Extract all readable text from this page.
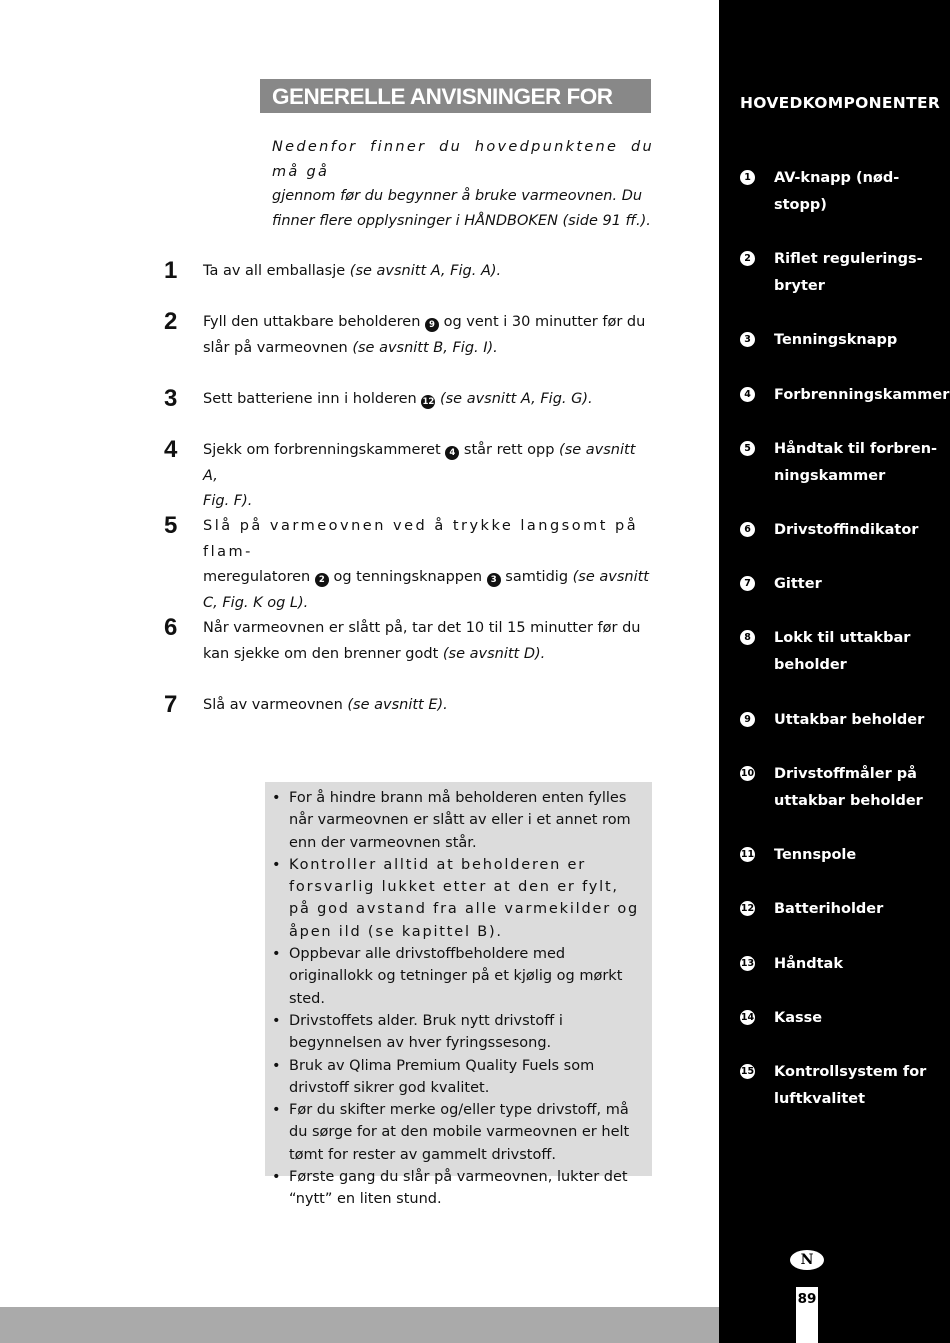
GENERELLE ANVISNINGER FOR BRUK
Nedenfor finner du hovedpunktene du må gå
gjennom før du begynner å bruke varmeovnen. Du
finner flere opplysninger i HÅNDBOKEN (side 91 ff.).
1 Ta av all emballasje (se avsnitt A, Fig. A).
2 Fyll den uttakbare beholderen 9 og vent i 30 minutter før du
slår på varmeovnen (se avsnitt B, Fig. I).
3 Sett batteriene inn i holderen 12 (se avsnitt A, Fig. G).
4 Sjekk om forbrenningskammeret 4 står rett opp (se avsnitt A,
Fig. F).
5 Slå på varmeovnen ved å trykke langsomt på flam-
meregulatoren 2 og tenningsknappen 3 samtidig (se avsnitt
C, Fig. K og L).
6 Når varmeovnen er slått på, tar det 10 til 15 minutter før du
kan sjekke om den brenner godt (se avsnitt D).
7 Slå av varmeovnen (se avsnitt E).
• For å hindre brann må beholderen enten fylles når varmeovnen er slått av eller i et annet rom enn der varmeovnen står.
• Kontroller alltid at beholderen er forsvarlig lukket etter at den er fylt, på god avstand fra alle varmekilder og åpen ild (se kapittel B).
• Oppbevar alle drivstoffbeholdere med originallokk og tetninger på et kjølig og mørkt sted.
• Drivstoffets alder. Bruk nytt drivstoff i begynnelsen av hver fyringssesong.
• Bruk av Qlima Premium Quality Fuels som drivstoff sikrer god kvalitet.
• Før du skifter merke og/eller type drivstoff, må du sørge for at den mobile varmeovnen er helt tømt for rester av gammelt drivstoff.
• Første gang du slår på varmeovnen, lukter det “nytt” en liten stund.
HOVEDKOMPONENTER
1 AV-knapp (nød-stopp)
2 Riflet regulerings-bryter
3 Tenningsknapp
4 Forbrenningskammer
5 Håndtak til forbren-ningskammer
6 Drivstoffindikator
7 Gitter
8 Lokk til uttakbar beholder
9 Uttakbar beholder
10 Drivstoffmåler på uttakbar beholder
11 Tennspole
12 Batteriholder
13 Håndtak
14 Kasse
15 Kontrollsystem for luftkvalitet
N
89
